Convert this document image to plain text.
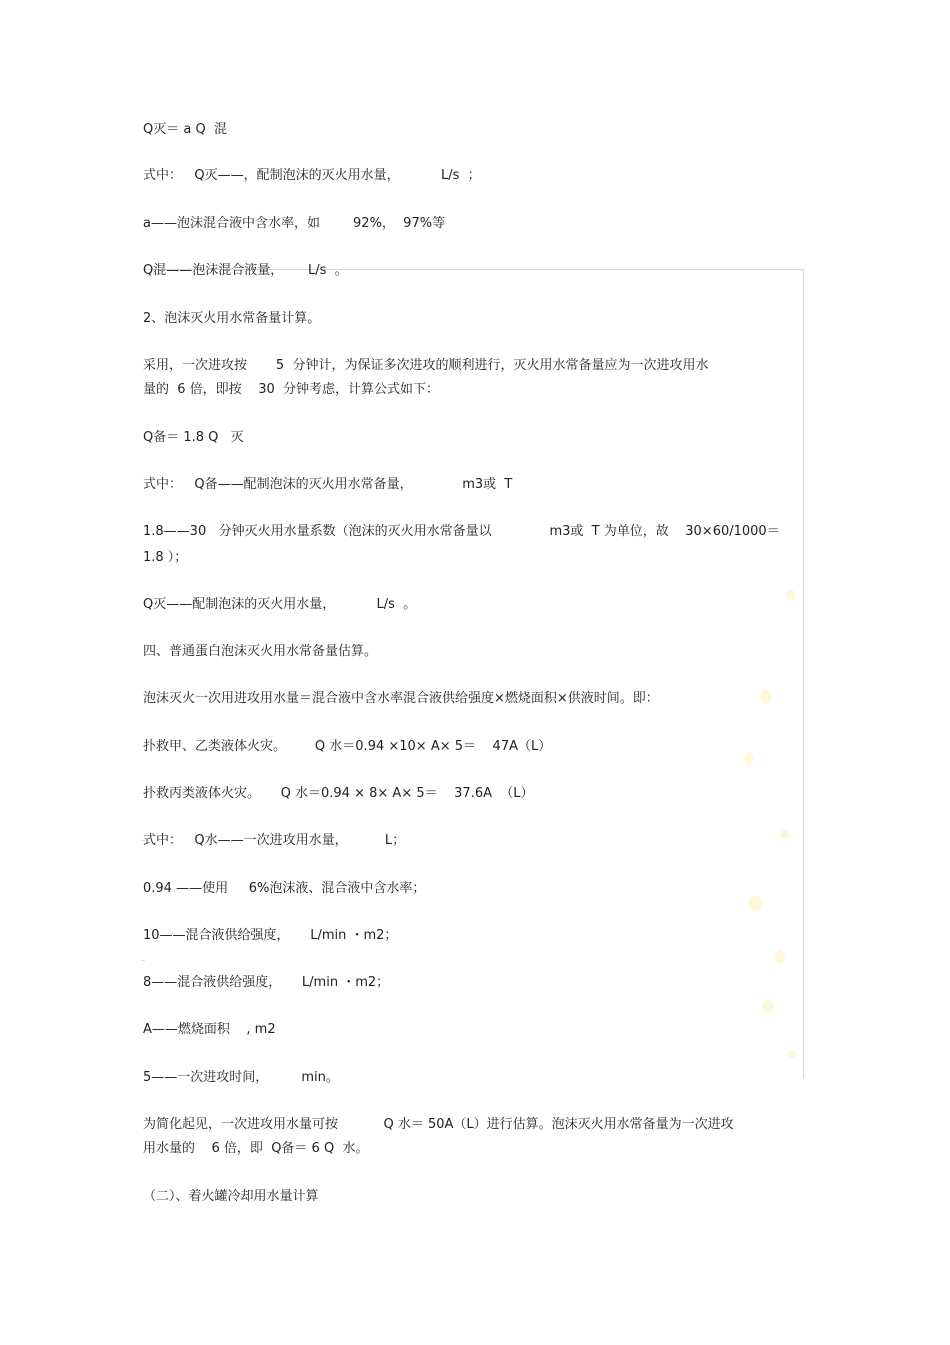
Q灭＝ a Q  混
式中：   Q灭——，配制泡沫的灭火用水量，          L/s  ；
a——泡沫混合液中含水率，如        92%，  97%等
Q混——泡沫混合液量，      L/s  。
2、泡沫灭火用水常备量计算。
采用，一次进攻按       5  分钟计，为保证多次进攻的顺利进行，灭火用水常备量应为一次进攻用水
量的  6 倍，即按    30  分钟考虑，计算公式如下：
Q备＝ 1.8 Q   灭
式中：   Q备——配制泡沫的灭火用水常备量，            m3或  T
1.8——30   分钟灭火用水量系数（泡沫的灭火用水常备量以              m3或  T 为单位，故    30×60/1000＝
1.8 ）；
Q灭——配制泡沫的灭火用水量，          L/s  。
四、普通蛋白泡沫灭火用水常备量估算。
泡沫灭火一次用进攻用水量＝混合液中含水率混合液供给强度×燃烧面积×供液时间。即：
扑救甲、乙类液体火灾。       Q 水＝0.94 ×10× A× 5＝    47A（L）
扑救丙类液体火灾。     Q 水＝0.94 × 8× A× 5＝    37.6A  （L）
式中：   Q水——一次进攻用水量，         L；
0.94 ——使用     6%泡沫液、混合液中含水率；
10——混合液供给强度，     L/min ・m2；
8——混合液供给强度，     L/min ・m2；
A——燃烧面积    , m2
5——一次进攻时间，        min。
为简化起见，一次进攻用水量可按           Q 水＝ 50A（L）进行估算。泡沫灭火用水常备量为一次进攻
用水量的    6 倍，即  Q备＝ 6 Q  水。
（二）、着火罐冷却用水量计算
